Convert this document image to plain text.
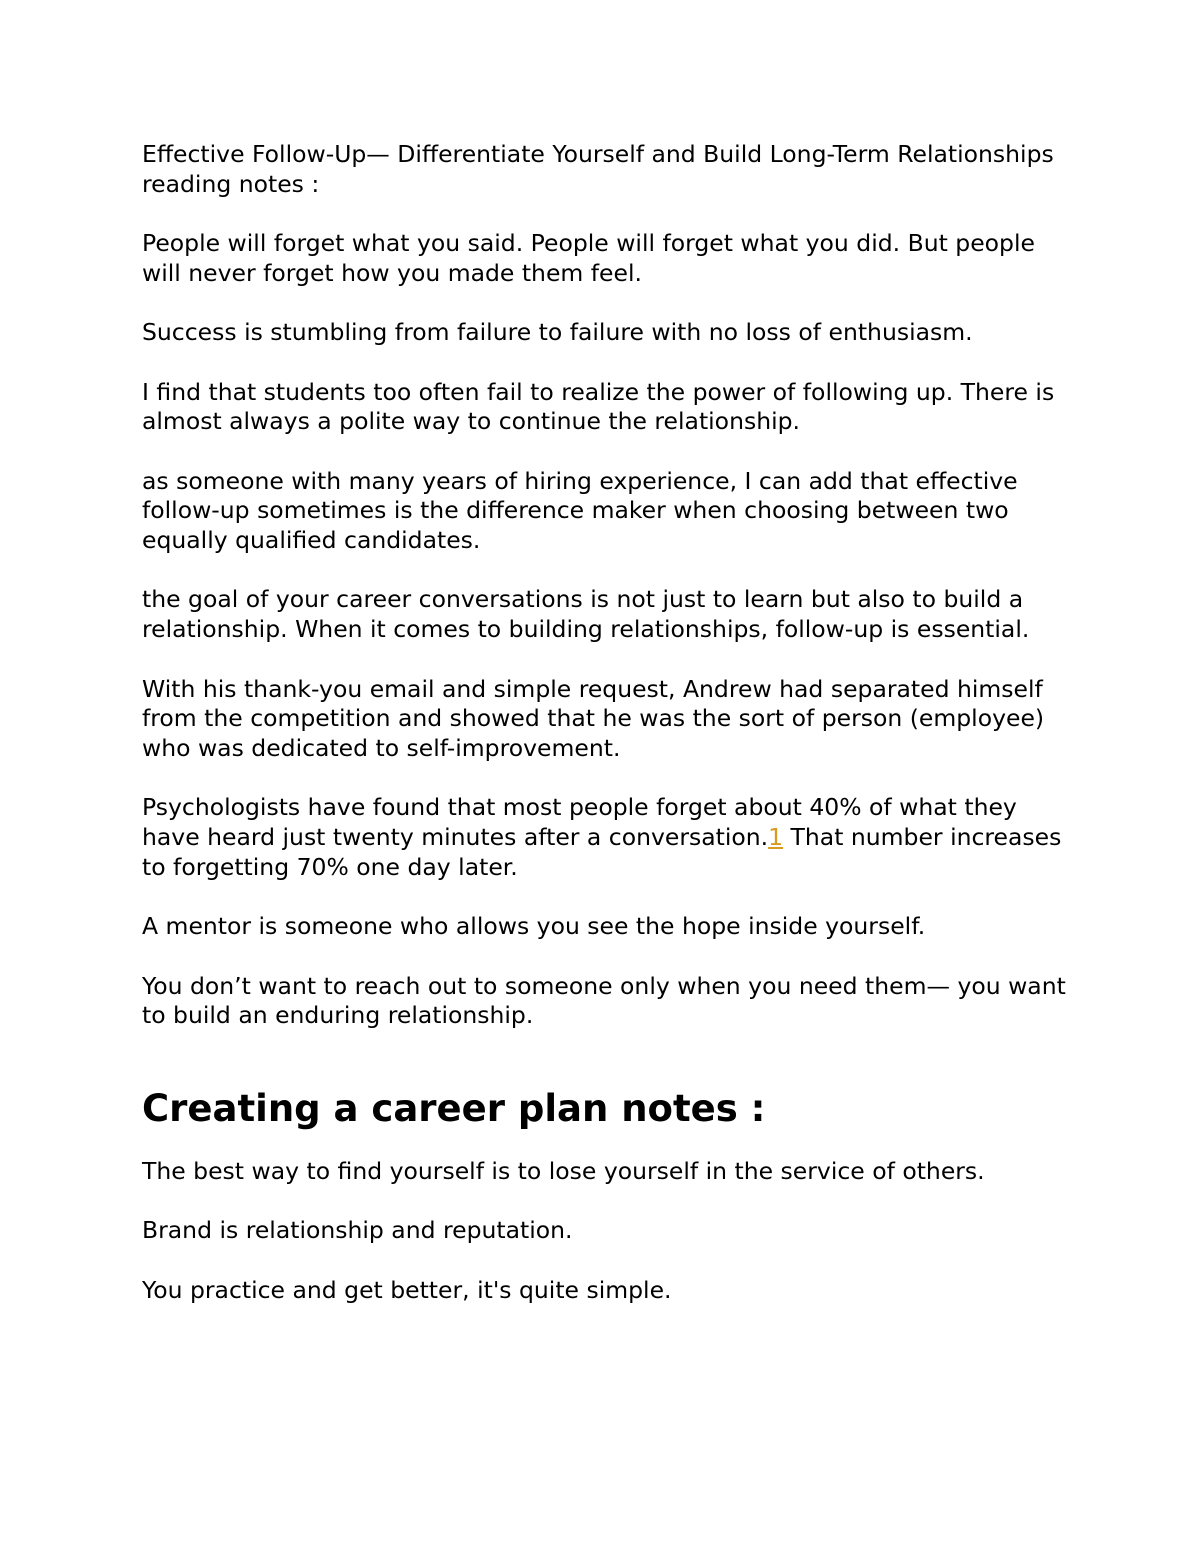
Effective Follow-Up— Differentiate Yourself and Build Long-Term Relationships reading notes :

People will forget what you said. People will forget what you did. But people will never forget how you made them feel.

Success is stumbling from failure to failure with no loss of enthusiasm.

I find that students too often fail to realize the power of following up. There is almost always a polite way to continue the relationship.

as someone with many years of hiring experience, I can add that effective follow-up sometimes is the difference maker when choosing between two equally qualified candidates.

the goal of your career conversations is not just to learn but also to build a relationship. When it comes to building relationships, follow-up is essential.

With his thank-you email and simple request, Andrew had separated himself from the competition and showed that he was the sort of person (employee) who was dedicated to self-improvement.

Psychologists have found that most people forget about 40% of what they have heard just twenty minutes after a conversation.1 That number increases to forgetting 70% one day later.

A mentor is someone who allows you see the hope inside yourself.

You don’t want to reach out to someone only when you need them— you want to build an enduring relationship.

Creating a career plan notes :

The best way to find yourself is to lose yourself in the service of others.

Brand is relationship and reputation.

You practice and get better, it's quite simple.
